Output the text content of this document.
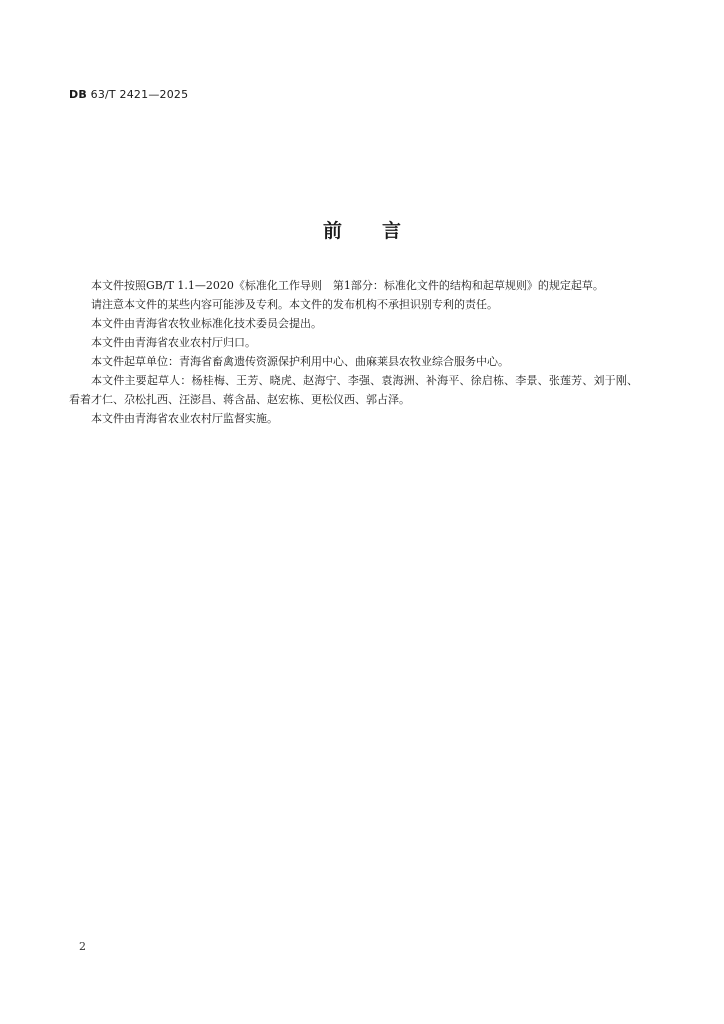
DB 63/T 2421—2025
前言

本文件按照GB/T 1.1—2020《标准化工作导则　第1部分：标准化文件的结构和起草规则》的规定起草。

请注意本文件的某些内容可能涉及专利。本文件的发布机构不承担识别专利的责任。

本文件由青海省农牧业标准化技术委员会提出。

本文件由青海省农业农村厅归口。

本文件起草单位：青海省畜禽遗传资源保护利用中心、曲麻莱县农牧业综合服务中心。

本文件主要起草人：杨桂梅、王芳、晓虎、赵海宁、李强、袁海洲、补海平、徐启栋、李景、张莲芳、刘于刚、看着才仁、尕松扎西、汪澎昌、蒋含晶、赵宏栋、更松仪西、郭占泽。

本文件由青海省农业农村厅监督实施。

2
